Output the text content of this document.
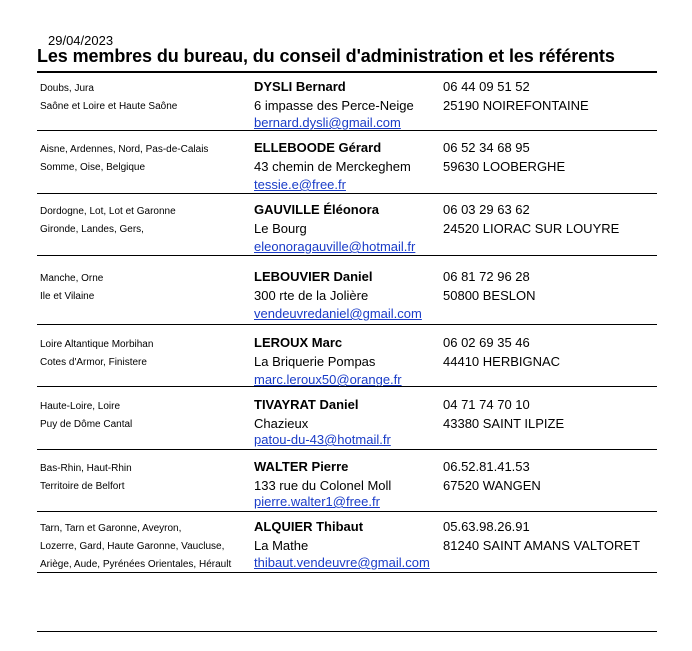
29/04/2023
Les membres du bureau, du conseil d'administration et les référents
Doubs, Jura
Saône et Loire et Haute Saône
DYSLI Bernard
6 impasse des Perce-Neige
bernard.dysli@gmail.com
06 44 09 51 52
25190 NOIREFONTAINE
Aisne, Ardennes, Nord, Pas-de-Calais
Somme, Oise, Belgique
ELLEBOODE Gérard
43 chemin de Merckeghem
tessie.e@free.fr
06 52 34 68 95
59630 LOOBERGHE
Dordogne, Lot, Lot et Garonne
Gironde, Landes, Gers,
GAUVILLE Éléonora
Le Bourg
eleonoragauville@hotmail.fr
06 03 29 63 62
24520 LIORAC SUR LOUYRE
Manche, Orne
Ile et Vilaine
LEBOUVIER Daniel
300 rte de la Jolière
vendeuvredaniel@gmail.com
06 81 72 96 28
50800 BESLON
Loire Altantique Morbihan
Cotes d'Armor, Finistere
LEROUX Marc
La Briquerie Pompas
marc.leroux50@orange.fr
06 02 69 35 46
44410 HERBIGNAC
Haute-Loire, Loire
Puy de Dôme Cantal
TIVAYRAT Daniel
Chazieux
patou-du-43@hotmail.fr
04 71 74 70 10
43380 SAINT ILPIZE
Bas-Rhin, Haut-Rhin
Territoire de Belfort
WALTER Pierre
133 rue du Colonel Moll
pierre.walter1@free.fr
06.52.81.41.53
67520 WANGEN
Tarn, Tarn et Garonne, Aveyron,
Lozerre, Gard, Haute Garonne, Vaucluse,
Ariège, Aude, Pyrénées Orientales, Hérault
ALQUIER Thibaut
La Mathe
thibaut.vendeuvre@gmail.com
05.63.98.26.91
81240 SAINT AMANS VALTORET
